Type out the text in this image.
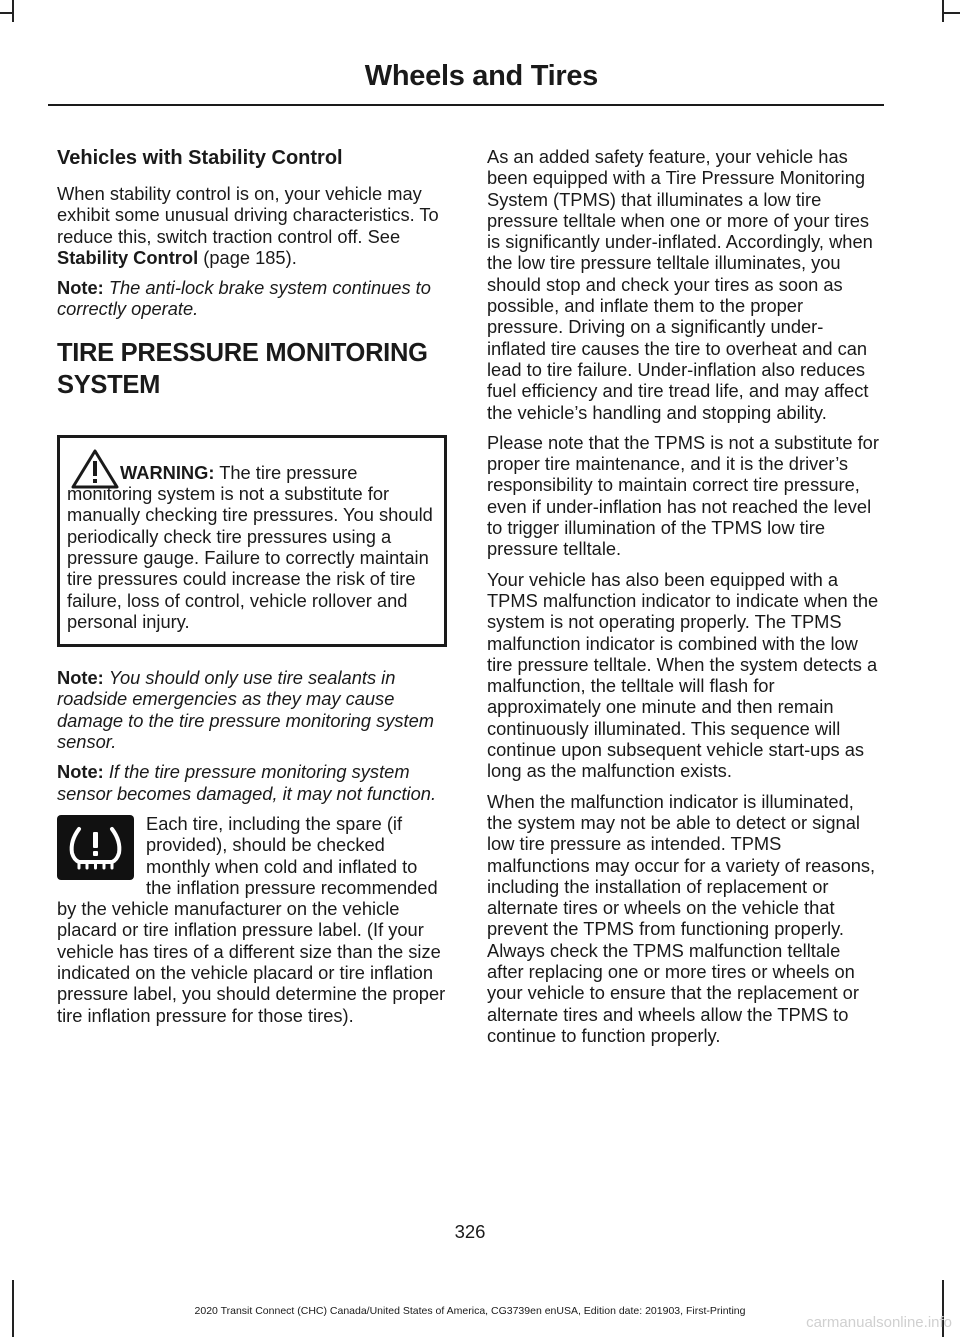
Wheels and Tires
Vehicles with Stability Control

When stability control is on, your vehicle may exhibit some unusual driving characteristics. To reduce this, switch traction control off. See Stability Control (page 185).

Note: The anti-lock brake system continues to correctly operate.

TIRE PRESSURE MONITORING
SYSTEM

WARNING: The tire pressure monitoring system is not a substitute for manually checking tire pressures. You should periodically check tire pressures using a pressure gauge. Failure to correctly maintain tire pressures could increase the risk of tire failure, loss of control, vehicle rollover and personal injury.

Note: You should only use tire sealants in roadside emergencies as they may cause damage to the tire pressure monitoring system sensor.

Note: If the tire pressure monitoring system sensor becomes damaged, it may not function.

Each tire, including the spare (if provided), should be checked monthly when cold and inflated to the inflation pressure recommended by the vehicle manufacturer on the vehicle placard or tire inflation pressure label. (If your vehicle has tires of a different size than the size indicated on the vehicle placard or tire inflation pressure label, you should determine the proper tire inflation pressure for those tires).

As an added safety feature, your vehicle has been equipped with a Tire Pressure Monitoring System (TPMS) that illuminates a low tire pressure telltale when one or more of your tires is significantly under-inflated. Accordingly, when the low tire pressure telltale illuminates, you should stop and check your tires as soon as possible, and inflate them to the proper pressure. Driving on a significantly under-inflated tire causes the tire to overheat and can lead to tire failure. Under-inflation also reduces fuel efficiency and tire tread life, and may affect the vehicle’s handling and stopping ability.

Please note that the TPMS is not a substitute for proper tire maintenance, and it is the driver’s responsibility to maintain correct tire pressure, even if under-inflation has not reached the level to trigger illumination of the TPMS low tire pressure telltale.

Your vehicle has also been equipped with a TPMS malfunction indicator to indicate when the system is not operating properly. The TPMS malfunction indicator is combined with the low tire pressure telltale. When the system detects a malfunction, the telltale will flash for approximately one minute and then remain continuously illuminated. This sequence will continue upon subsequent vehicle start-ups as long as the malfunction exists.

When the malfunction indicator is illuminated, the system may not be able to detect or signal low tire pressure as intended. TPMS malfunctions may occur for a variety of reasons, including the installation of replacement or alternate tires or wheels on the vehicle that prevent the TPMS from functioning properly. Always check the TPMS malfunction telltale after replacing one or more tires or wheels on your vehicle to ensure that the replacement or alternate tires and wheels allow the TPMS to continue to function properly.

326
2020 Transit Connect (CHC) Canada/United States of America, CG3739en enUSA, Edition date: 201903, First-Printing
carmanualsonline.info
